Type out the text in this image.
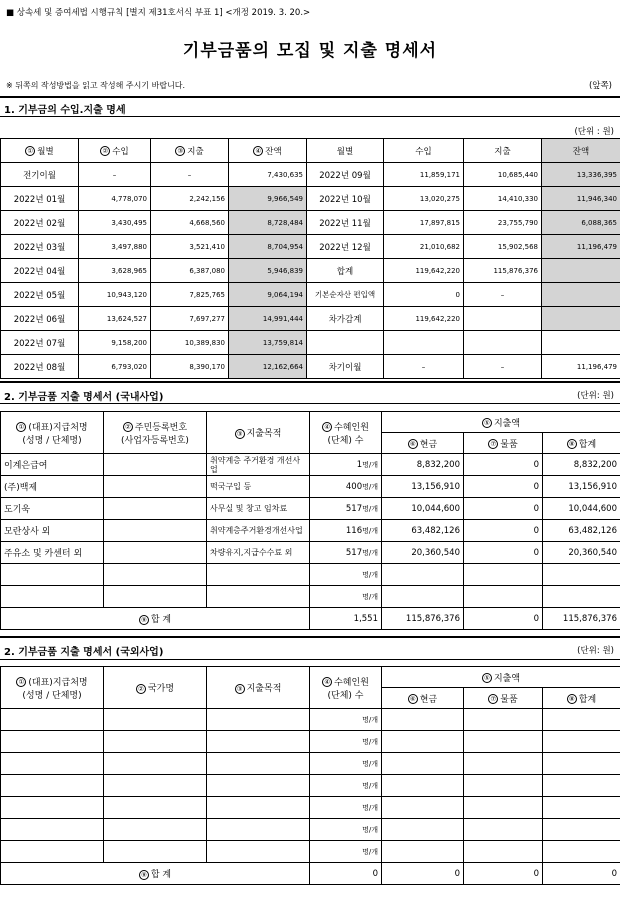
■ 상속세 및 증여세법 시행규칙 [별지 제31호서식 부표 1] <개정 2019. 3. 20.>
기부금품의 모집 및 지출 명세서
※ 뒤쪽의 작성방법을 읽고 작성해 주시기 바랍니다.	(앞쪽)
1. 기부금의 수입.지출 명세
(단위 : 원)
① 월별	② 수입	③ 지출	④ 잔액	월별	수입	지출	잔액
전기이월	–	–	7,430,635	2022년 09월	11,859,171	10,685,440	13,336,395
2022년 01월	4,778,070	2,242,156	9,966,549	2022년 10월	13,020,275	14,410,330	11,946,340
2022년 02월	3,430,495	4,668,560	8,728,484	2022년 11월	17,897,815	23,755,790	6,088,365
2022년 03월	3,497,880	3,521,410	8,704,954	2022년 12월	21,010,682	15,902,568	11,196,479
2022년 04월	3,628,965	6,387,080	5,946,839	합계	119,642,220	115,876,376	
2022년 05월	10,943,120	7,825,765	9,064,194	기본순자산 편입액	0	–	
2022년 06월	13,624,527	7,697,277	14,991,444	차가감계	119,642,220		
2022년 07월	9,158,200	10,389,830	13,759,814				
2022년 08월	6,793,020	8,390,170	12,162,664	차기이월	–	–	11,196,479
2. 기부금품 지출 명세서 (국내사업)	(단위: 원)
① (대표)지급처명
(성명 / 단체명)	② 주민등록번호
(사업자등록번호)	③ 지출목적	④ 수혜인원
(단체) 수	⑤ 지출액		
				⑥ 현금	⑦ 물품	⑧ 합계
이계은급여		취약계층 주거환경 개선사업	1명/개	8,832,200	0	8,832,200
(주)백제		떡국구입 등	400명/개	13,156,910	0	13,156,910
도기욱		사무실 및 창고 임차료	517명/개	10,044,600	0	10,044,600
모란상사 외		취약계층주거환경개선사업	116명/개	63,482,126	0	63,482,126
주유소 및 카센터 외		차량유지,지급수수료 외	517명/개	20,360,540	0	20,360,540
			명/개			
			명/개			
⑨ 합 계			1,551	115,876,376	0	115,876,376
2. 기부금품 지출 명세서 (국외사업)	(단위: 원)
① (대표)지급처명
(성명 / 단체명)	② 국가명	③ 지출목적	④ 수혜인원
(단체) 수	⑤ 지출액		
				⑥ 현금	⑦ 물품	⑧ 합계
			명/개			
			명/개			
			명/개			
			명/개			
			명/개			
			명/개			
			명/개			
⑨ 합 계			0	0	0	0
